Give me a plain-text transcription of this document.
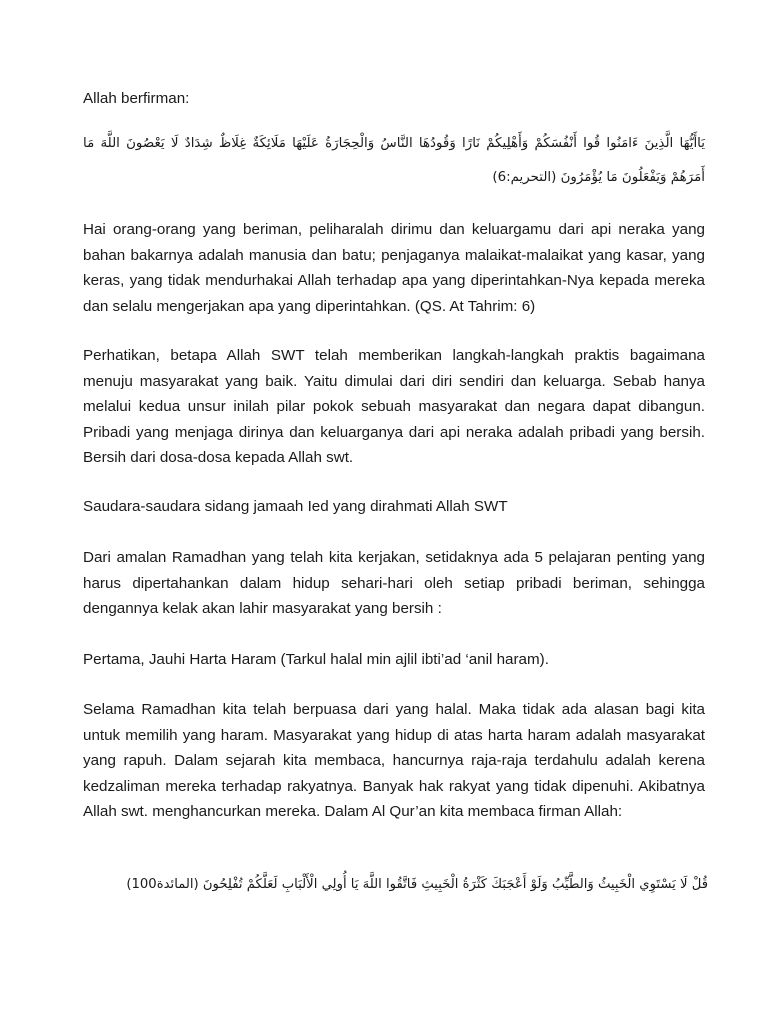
Allah berfirman:

يَاأَيُّهَا الَّذِينَ ءَامَنُوا قُوا أَنْفُسَكُمْ وَأَهْلِيكُمْ نَارًا وَقُودُهَا النَّاسُ وَالْحِجَارَةُ عَلَيْهَا مَلَائِكَةٌ غِلَاظٌ شِدَادٌ لَا يَعْصُونَ اللَّهَ مَا أَمَرَهُمْ وَيَفْعَلُونَ مَا يُؤْمَرُونَ (التحريم:6)

Hai orang-orang yang beriman, peliharalah dirimu dan keluargamu dari api neraka yang bahan bakarnya adalah manusia dan batu; penjaganya malaikat-malaikat yang kasar, yang keras, yang tidak mendurhakai Allah terhadap apa yang diperintahkan-Nya kepada mereka dan selalu mengerjakan apa yang diperintahkan. (QS. At Tahrim: 6)

Perhatikan, betapa Allah SWT telah memberikan langkah-langkah praktis bagaimana menuju masyarakat yang baik. Yaitu dimulai dari diri sendiri dan keluarga. Sebab hanya melalui kedua unsur inilah pilar pokok sebuah masyarakat dan negara dapat dibangun. Pribadi yang menjaga dirinya dan keluarganya dari api neraka adalah pribadi yang bersih. Bersih dari dosa-dosa kepada Allah swt.

Saudara-saudara sidang jamaah Ied yang dirahmati Allah SWT

Dari amalan Ramadhan yang telah kita kerjakan, setidaknya ada 5 pelajaran penting yang harus dipertahankan dalam hidup sehari-hari oleh setiap pribadi beriman, sehingga dengannya kelak akan lahir masyarakat yang bersih :

Pertama, Jauhi Harta Haram (Tarkul halal min ajlil ibti’ad ‘anil haram).

Selama Ramadhan kita telah berpuasa dari yang halal. Maka tidak ada alasan bagi kita untuk memilih yang haram. Masyarakat yang hidup di atas harta haram adalah masyarakat yang rapuh. Dalam sejarah kita membaca, hancurnya raja-raja terdahulu adalah kerena kedzaliman mereka terhadap rakyatnya. Banyak hak rakyat yang tidak dipenuhi. Akibatnya Allah swt. menghancurkan mereka. Dalam Al Qur’an kita membaca firman Allah:

قُلْ لَا يَسْتَوِي الْخَبِيثُ وَالطَّيِّبُ وَلَوْ أَعْجَبَكَ كَثْرَةُ الْخَبِيثِ فَاتَّقُوا اللَّهَ يَا أُولِي الْأَلْبَابِ لَعَلَّكُمْ تُفْلِحُونَ (المائدة100)
